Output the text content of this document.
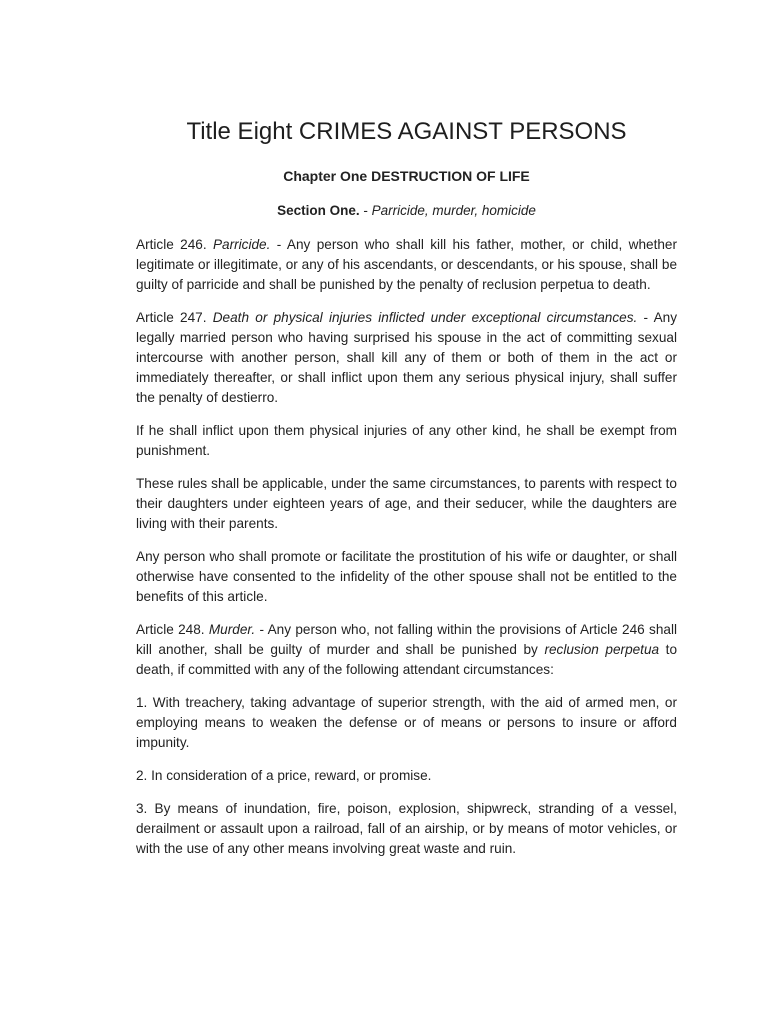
Title Eight CRIMES AGAINST PERSONS
Chapter One DESTRUCTION OF LIFE
Section One. - Parricide, murder, homicide

Article 246. Parricide. - Any person who shall kill his father, mother, or child, whether legitimate or illegitimate, or any of his ascendants, or descendants, or his spouse, shall be guilty of parricide and shall be punished by the penalty of reclusion perpetua to death.

Article 247. Death or physical injuries inflicted under exceptional circumstances. - Any legally married person who having surprised his spouse in the act of committing sexual intercourse with another person, shall kill any of them or both of them in the act or immediately thereafter, or shall inflict upon them any serious physical injury, shall suffer the penalty of destierro.

If he shall inflict upon them physical injuries of any other kind, he shall be exempt from punishment.

These rules shall be applicable, under the same circumstances, to parents with respect to their daughters under eighteen years of age, and their seducer, while the daughters are living with their parents.

Any person who shall promote or facilitate the prostitution of his wife or daughter, or shall otherwise have consented to the infidelity of the other spouse shall not be entitled to the benefits of this article.

Article 248. Murder. - Any person who, not falling within the provisions of Article 246 shall kill another, shall be guilty of murder and shall be punished by reclusion perpetua to death, if committed with any of the following attendant circumstances:

1. With treachery, taking advantage of superior strength, with the aid of armed men, or employing means to weaken the defense or of means or persons to insure or afford impunity.

2. In consideration of a price, reward, or promise.

3. By means of inundation, fire, poison, explosion, shipwreck, stranding of a vessel, derailment or assault upon a railroad, fall of an airship, or by means of motor vehicles, or with the use of any other means involving great waste and ruin.
